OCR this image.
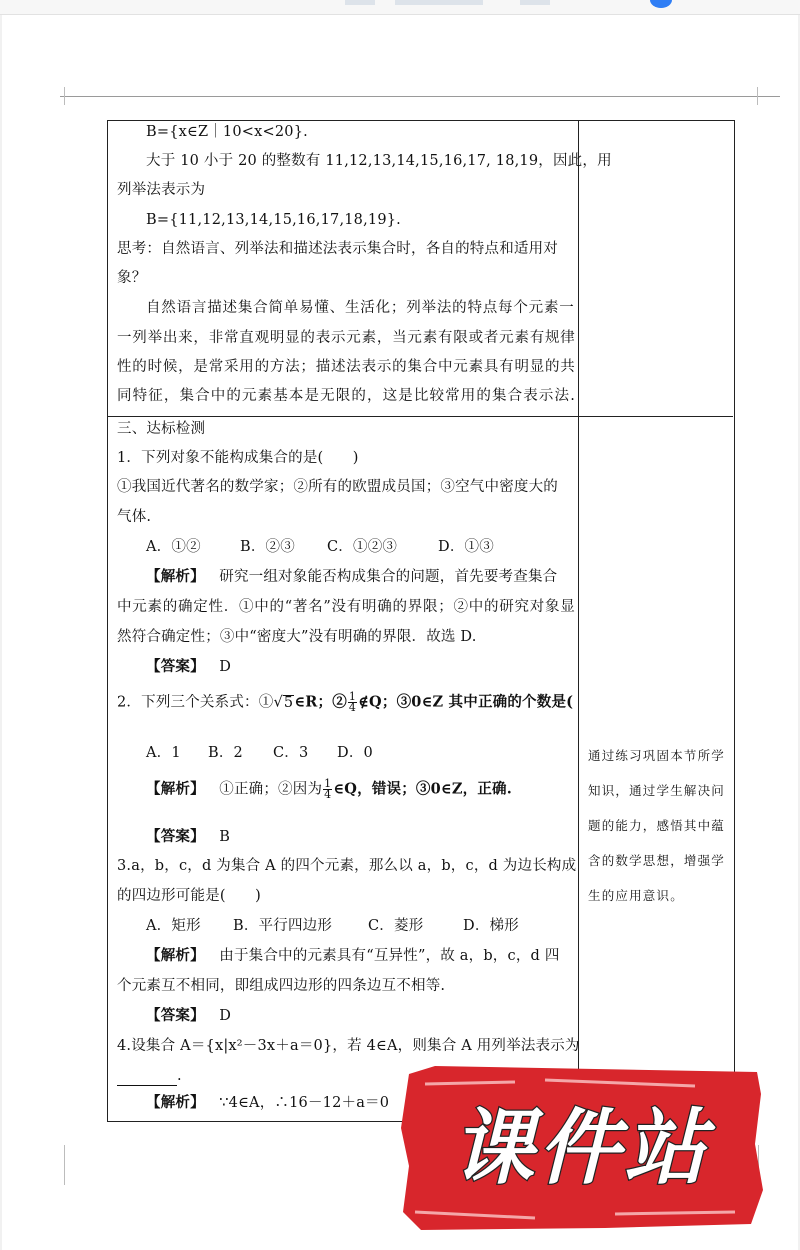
B={x∈Z｜10<x<20}.
大于 10 小于 20 的整数有 11,12,13,14,15,16,17, 18,19，因此，用
列举法表示为
B={11,12,13,14,15,16,17,18,19}.
思考：自然语言、列举法和描述法表示集合时，各自的特点和适用对
象？
自然语言描述集合简单易懂、生活化；列举法的特点每个元素一
一列举出来，非常直观明显的表示元素，当元素有限或者元素有规律
性的时候，是常采用的方法；描述法表示的集合中元素具有明显的共
同特征，集合中的元素基本是无限的，这是比较常用的集合表示法.
三、达标检测
1．下列对象不能构成集合的是(　　)
①我国近代著名的数学家；②所有的欧盟成员国；③空气中密度大的
气体.
A．①②	B．②③ C．①②③	D．①③
【解析】 研究一组对象能否构成集合的问题，首先要考查集合
中元素的确定性．①中的“著名”没有明确的界限；②中的研究对象显
然符合确定性；③中“密度大”没有明确的界限．故选 D.
【答案】 D
2．下列三个关系式：①√5∈R；② $\frac{1}{4}$ ∉Q；③0∈Z 其中正确的个数是(
A．1 B．2 C．3 D．0
【解析】 ①正确；②因为 $\frac{1}{4}$ ∈Q，错误；③0∈Z，正确.
【答案】 B
3.a，b，c，d 为集合 A 的四个元素，那么以 a，b，c，d 为边长构成
的四边形可能是(　　)
A．矩形 B．平行四边形 C．菱形	D．梯形
【解析】 由于集合中的元素具有“互异性”，故 a，b，c，d 四
个元素互不相同，即组成四边形的四条边互不相等.
【答案】 D
4.设集合 A＝{x|x²－3x＋a＝0}，若 4∈A，则集合 A 用列举法表示为
.
【解析】 ∵4∈A，∴16－12＋a＝0
通过练习巩固本节所学知识，通过学生解决问题的能力，感悟其中蕴含的数学思想，增强学生的应用意识。
课件站
